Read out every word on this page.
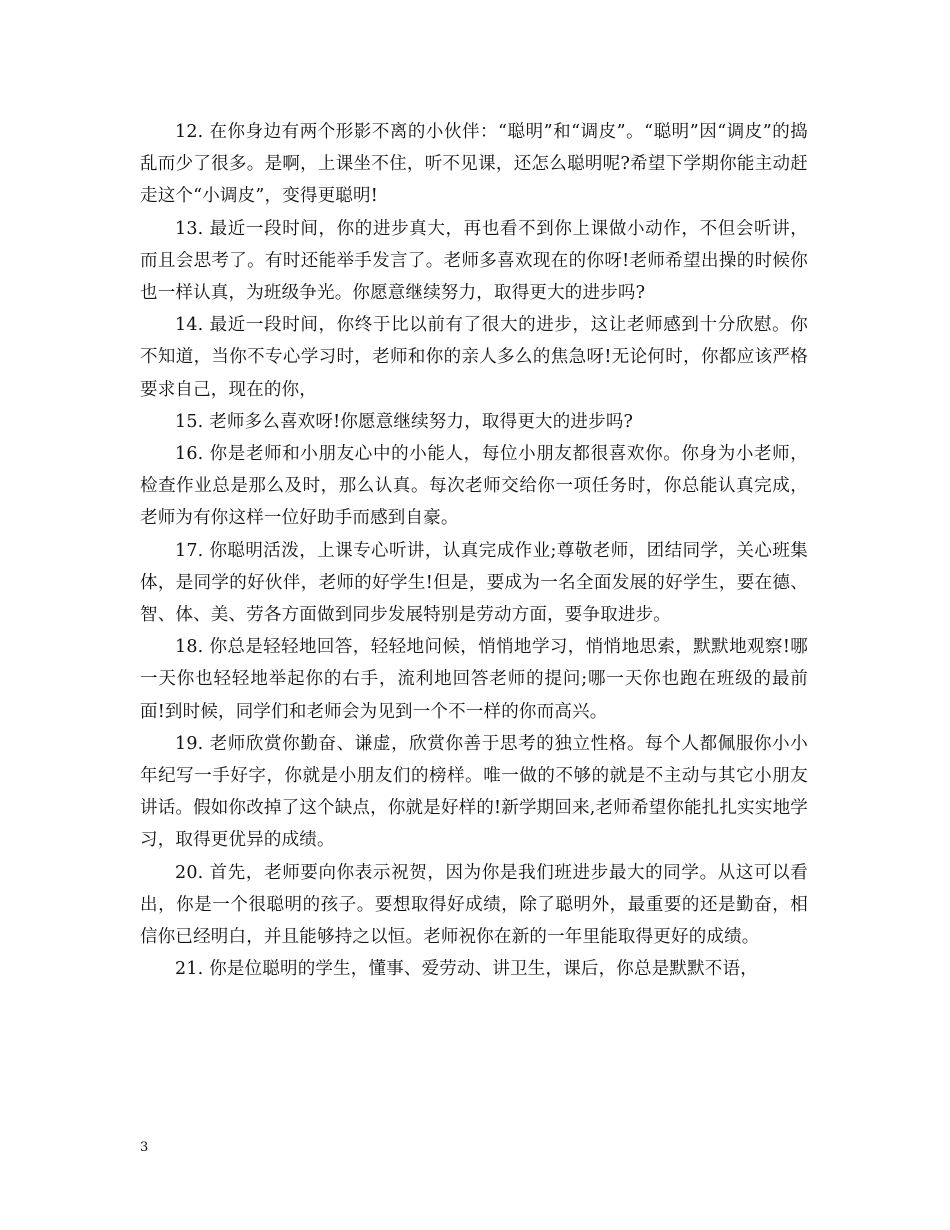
12. 在你身边有两个形影不离的小伙伴：“聪明”和“调皮”。“聪明”因“调皮”的捣乱而少了很多。是啊，上课坐不住，听不见课，还怎么聪明呢?希望下学期你能主动赶走这个“小调皮”，变得更聪明!

13. 最近一段时间，你的进步真大，再也看不到你上课做小动作，不但会听讲，而且会思考了。有时还能举手发言了。老师多喜欢现在的你呀!老师希望出操的时候你也一样认真，为班级争光。你愿意继续努力，取得更大的进步吗?

14. 最近一段时间，你终于比以前有了很大的进步，这让老师感到十分欣慰。你不知道，当你不专心学习时，老师和你的亲人多么的焦急呀!无论何时，你都应该严格要求自己，现在的你，

15. 老师多么喜欢呀!你愿意继续努力，取得更大的进步吗?

16. 你是老师和小朋友心中的小能人，每位小朋友都很喜欢你。你身为小老师，检查作业总是那么及时，那么认真。每次老师交给你一项任务时，你总能认真完成，老师为有你这样一位好助手而感到自豪。

17. 你聪明活泼，上课专心听讲，认真完成作业;尊敬老师，团结同学，关心班集体，是同学的好伙伴，老师的好学生!但是，要成为一名全面发展的好学生，要在德、智、体、美、劳各方面做到同步发展特别是劳动方面，要争取进步。

18. 你总是轻轻地回答，轻轻地问候，悄悄地学习，悄悄地思索，默默地观察!哪一天你也轻轻地举起你的右手，流利地回答老师的提问;哪一天你也跑在班级的最前面!到时候，同学们和老师会为见到一个不一样的你而高兴。

19. 老师欣赏你勤奋、谦虚，欣赏你善于思考的独立性格。每个人都佩服你小小年纪写一手好字，你就是小朋友们的榜样。唯一做的不够的就是不主动与其它小朋友讲话。假如你改掉了这个缺点，你就是好样的!新学期回来,老师希望你能扎扎实实地学习，取得更优异的成绩。

20. 首先，老师要向你表示祝贺，因为你是我们班进步最大的同学。从这可以看出，你是一个很聪明的孩子。要想取得好成绩，除了聪明外，最重要的还是勤奋，相信你已经明白，并且能够持之以恒。老师祝你在新的一年里能取得更好的成绩。

21. 你是位聪明的学生，懂事、爱劳动、讲卫生，课后，你总是默默不语，

3
